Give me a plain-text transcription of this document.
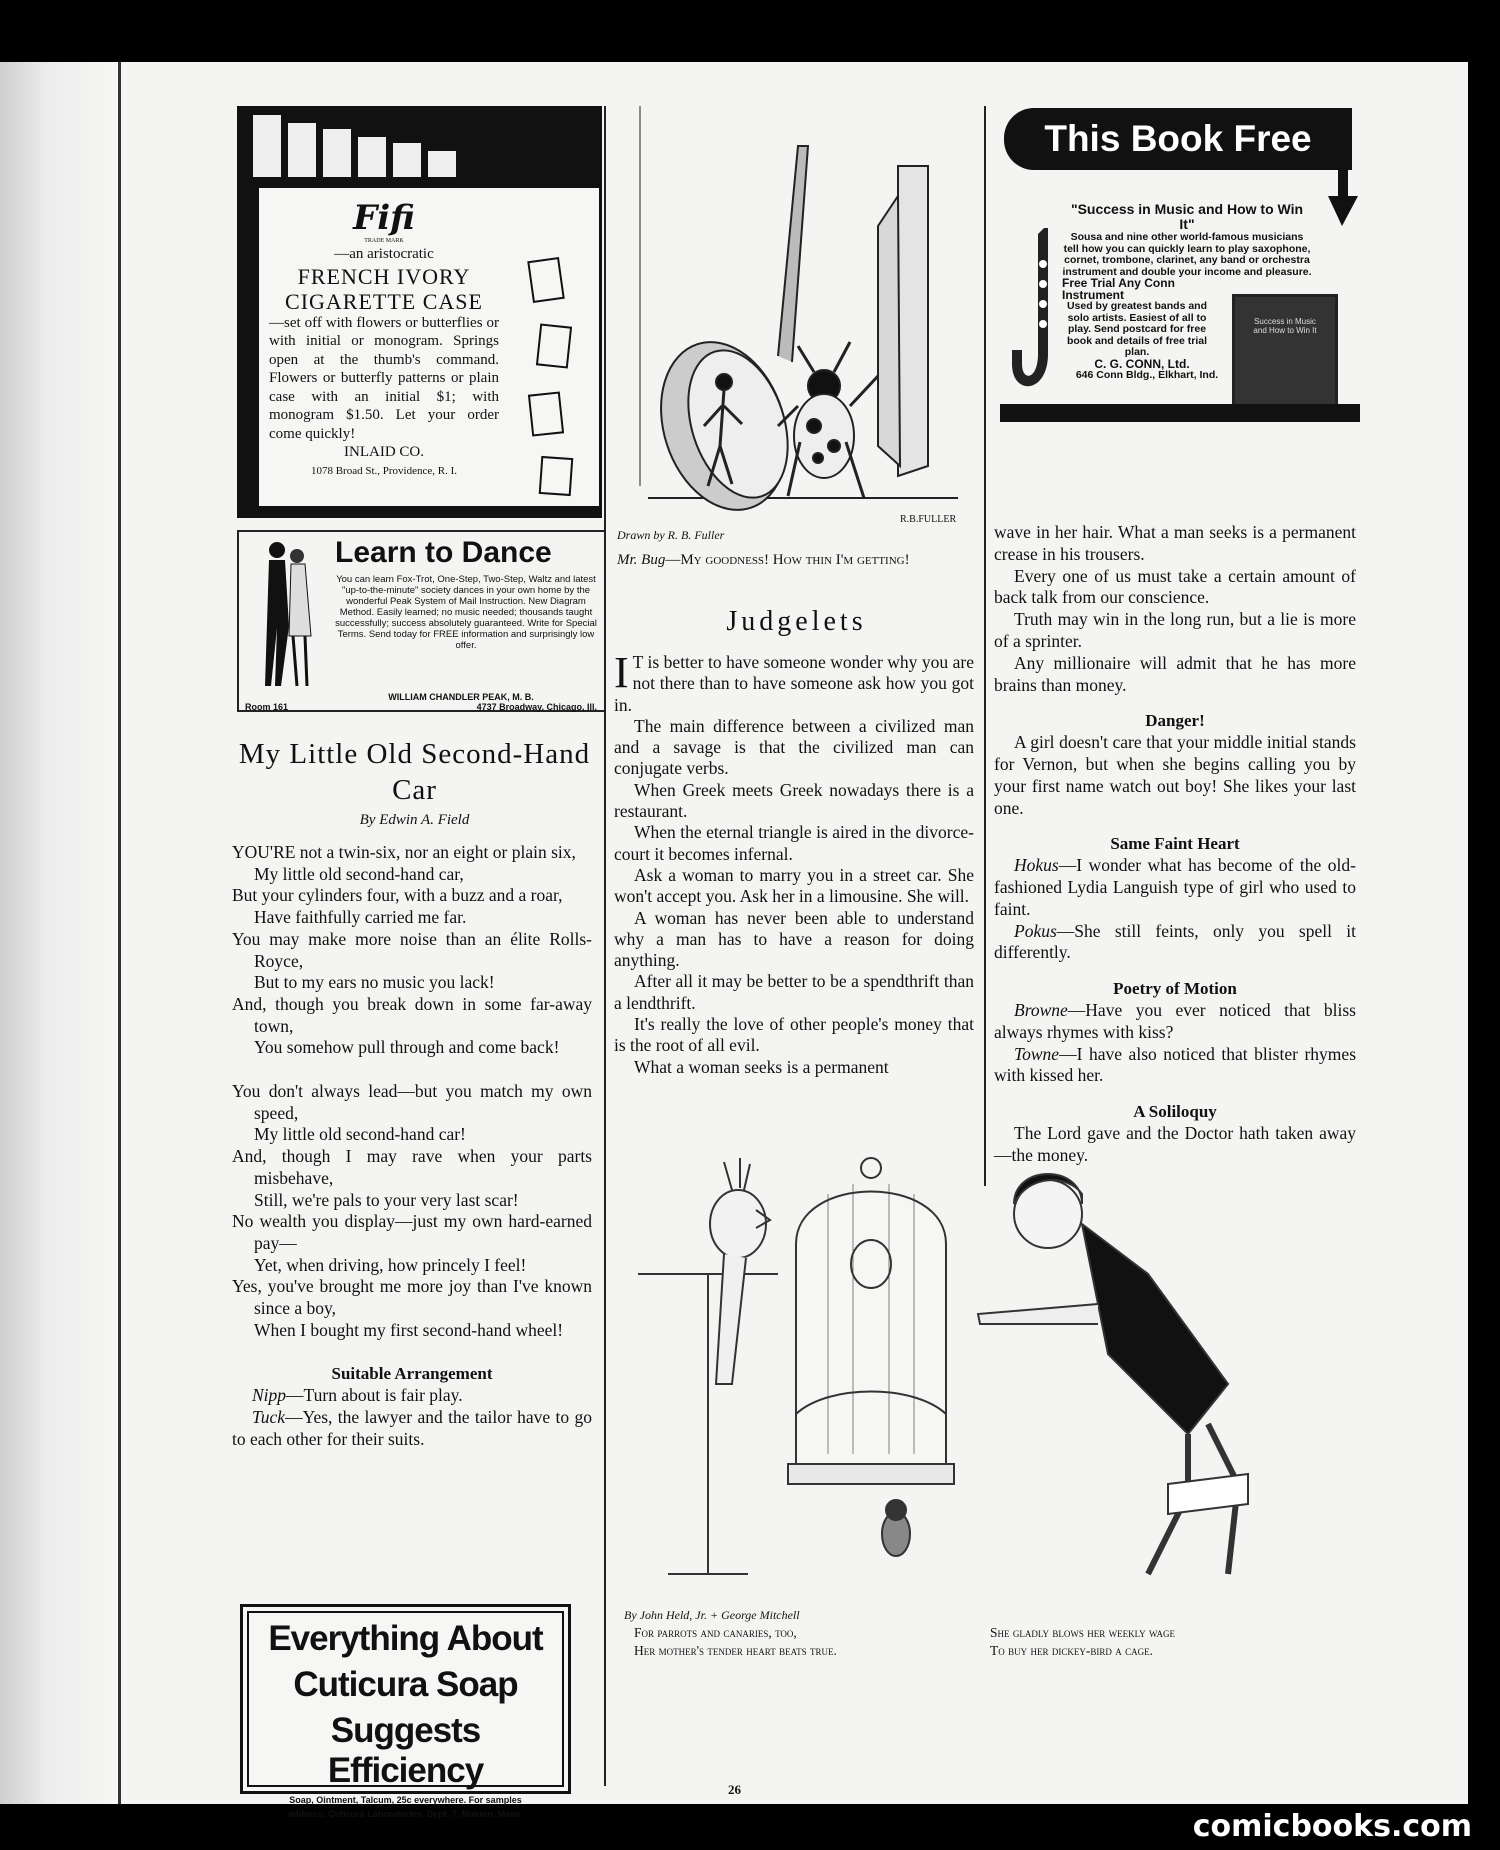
Fifi
TRADE MARK
—an aristocratic
FRENCH IVORY
CIGARETTE CASE
—set off with flowers or butterflies or with initial or monogram. Springs open at the thumb's command. Flowers or butterfly patterns or plain case with an initial $1; with monogram $1.50. Let your order come quickly!
INLAID CO.
1078 Broad St., Providence, R. I.
Learn to Dance
You can learn Fox-Trot, One-Step, Two-Step, Waltz and latest "up-to-the-minute" society dances in your own home by the wonderful Peak System of Mail Instruction. New Diagram Method. Easily learned; no music needed; thousands taught successfully; success absolutely guaranteed. Write for Special Terms. Send today for FREE information and surprisingly low offer.
WILLIAM CHANDLER PEAK, M. B.
Room 161	4737 Broadway, Chicago, Ill.
My Little Old Second-Hand Car
By Edwin A. Field

YOU'RE not a twin-six, nor an eight or plain six,

My little old second-hand car,

But your cylinders four, with a buzz and a roar,

Have faithfully carried me far.

You may make more noise than an élite Rolls-Royce,

But to my ears no music you lack!

And, though you break down in some far-away town,

You somehow pull through and come back!

You don't always lead—but you match my own speed,

My little old second-hand car!

And, though I may rave when your parts misbehave,

Still, we're pals to your very last scar!

No wealth you display—just my own hard-earned pay—

Yet, when driving, how princely I feel!

Yes, you've brought me more joy than I've known since a boy,

When I bought my first second-hand wheel!

Suitable Arrangement

Nipp—Turn about is fair play.

Tuck—Yes, the lawyer and the tailor have to go to each other for their suits.

Everything About
Cuticura Soap
Suggests Efficiency
Soap, Ointment, Talcum, 25c everywhere. For samples
address: Cuticura Laboratories, Dept. 7, Malden, Mass.
R.B.FULLER
Drawn by R. B. Fuller
Mr. Bug—My goodness! How thin I'm getting!
Judgelets

I T is better to have someone wonder why you are not there than to have someone ask how you got in.

The main difference between a civilized man and a savage is that the civilized man can conjugate verbs.

When Greek meets Greek nowadays there is a restaurant.

When the eternal triangle is aired in the divorce-court it becomes infernal.

Ask a woman to marry you in a street car. She won't accept you. Ask her in a limousine. She will.

A woman has never been able to understand why a man has to have a reason for doing anything.

After all it may be better to be a spendthrift than a lendthrift.

It's really the love of other people's money that is the root of all evil.

What a woman seeks is a permanent

This Book Free
"Success in Music and How to Win It"
Sousa and nine other world-famous musicians tell how you can quickly learn to play saxophone, cornet, trombone, clarinet, any band or orchestra instrument and double your income and pleasure.
Free Trial Any Conn Instrument
Used by greatest bands and solo artists. Easiest of all to play. Send postcard for free book and details of free trial plan.
C. G. CONN, Ltd.
646 Conn Bldg., Elkhart, Ind.
Success in Music and How to Win It

wave in her hair. What a man seeks is a permanent crease in his trousers.

Every one of us must take a certain amount of back talk from our conscience.

Truth may win in the long run, but a lie is more of a sprinter.

Any millionaire will admit that he has more brains than money.

Danger!

A girl doesn't care that your middle initial stands for Vernon, but when she begins calling you by your first name watch out boy! She likes your last one.

Same Faint Heart

Hokus—I wonder what has become of the old-fashioned Lydia Languish type of girl who used to faint.

Pokus—She still feints, only you spell it differently.

Poetry of Motion

Browne—Have you ever noticed that bliss always rhymes with kiss?

Towne—I have also noticed that blister rhymes with kissed her.

A Soliloquy

The Lord gave and the Doctor hath taken away—the money.

By John Held, Jr. + George Mitchell
For parrots and canaries, too,
Her mother's tender heart beats true.
She gladly blows her weekly wage
To buy her dickey-bird a cage.
26
comicbooks.com
